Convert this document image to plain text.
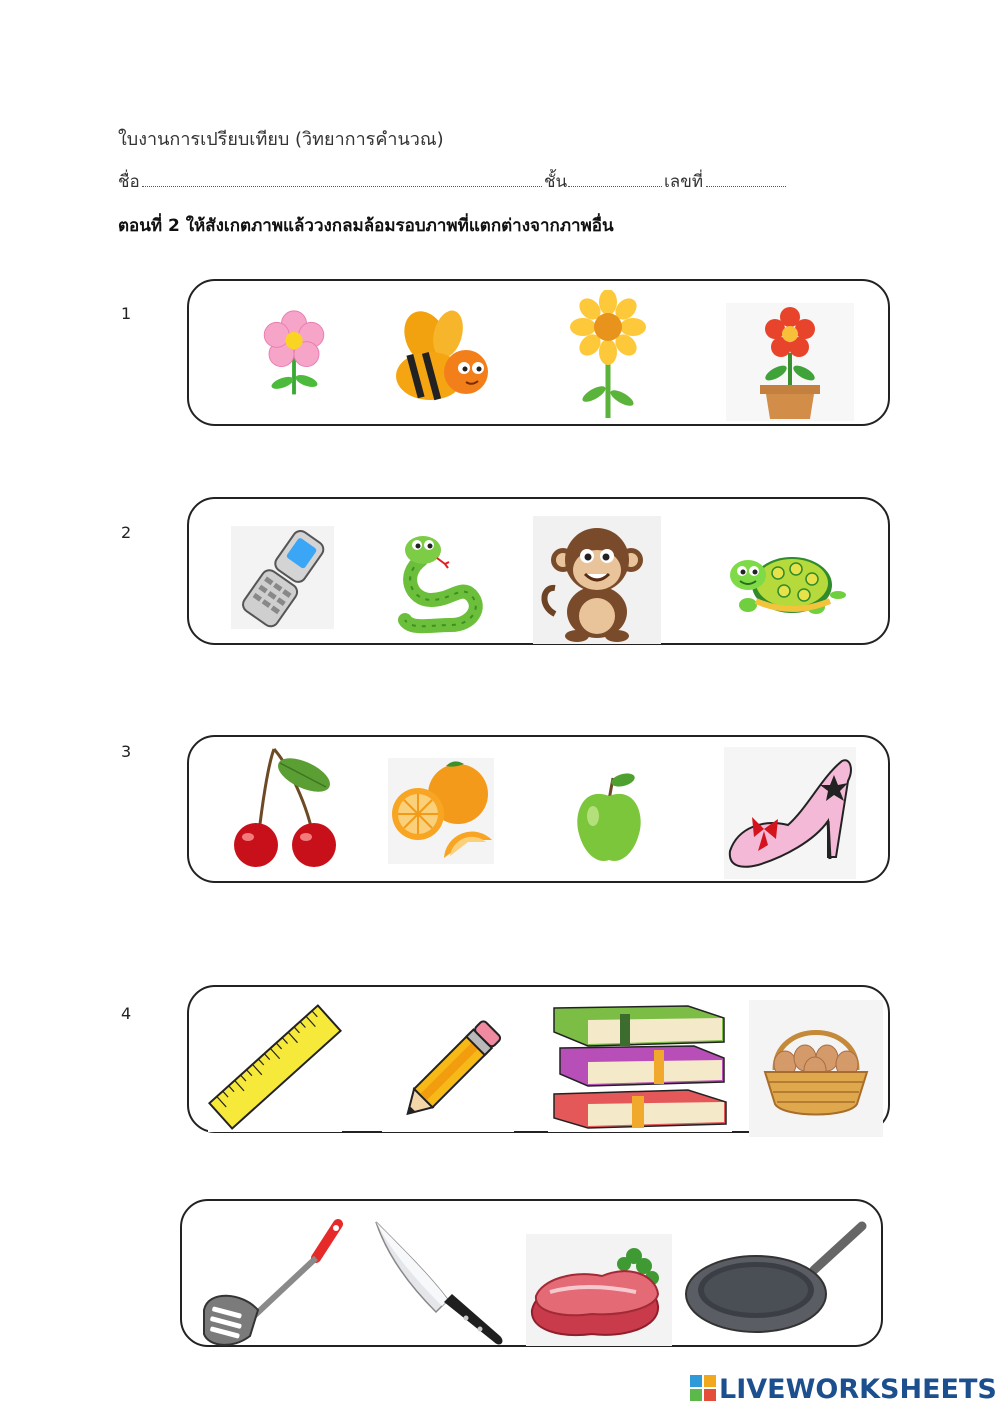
ใบงานการเปรียบเทียบ (วิทยาการคำนวณ)
ชื่อ	ชั้น	เลขที่
ตอนที่ 2 ให้สังเกตภาพแล้ววงกลมล้อมรอบภาพที่แตกต่างจากภาพอื่น
1
2
3
4
LIVEWORKSHEETS
